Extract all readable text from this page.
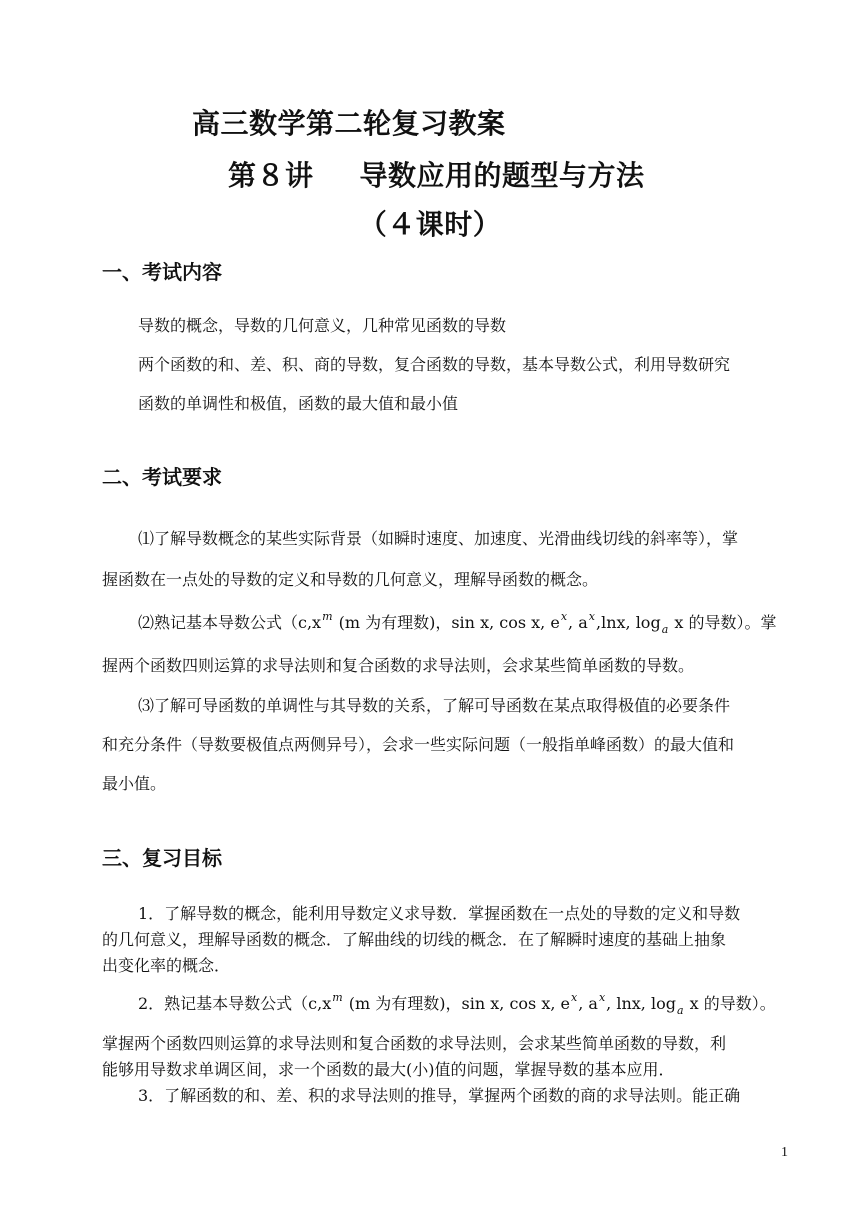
高三数学第二轮复习教案
第８讲 导数应用的题型与方法
（４课时）
一、考试内容
导数的概念，导数的几何意义，几种常见函数的导数
两个函数的和、差、积、商的导数，复合函数的导数，基本导数公式，利用导数研究
函数的单调性和极值，函数的最大值和最小值
二、考试要求
⑴了解导数概念的某些实际背景（如瞬时速度、加速度、光滑曲线切线的斜率等），掌
握函数在一点处的导数的定义和导数的几何意义，理解导函数的概念。
⑵熟记基本导数公式（$c,x^m$ (m 为有理数)，sin x, cos x, $e^x$, $a^x,\ln x$, $\log_a x$ 的导数）。掌
握两个函数四则运算的求导法则和复合函数的求导法则，会求某些简单函数的导数。
⑶了解可导函数的单调性与其导数的关系，了解可导函数在某点取得极值的必要条件
和充分条件（导数要极值点两侧异号），会求一些实际问题（一般指单峰函数）的最大值和
最小值。
三、复习目标
1．了解导数的概念，能利用导数定义求导数．掌握函数在一点处的导数的定义和导数
的几何意义，理解导函数的概念．了解曲线的切线的概念．在了解瞬时速度的基础上抽象
出变化率的概念．
2．熟记基本导数公式（$c,x^m$ (m 为有理数)，sin x, cos x, $e^x$, $a^x$, lnx, $\log_a x$ 的导数）。
掌握两个函数四则运算的求导法则和复合函数的求导法则，会求某些简单函数的导数，利
能够用导数求单调区间，求一个函数的最大(小)值的问题，掌握导数的基本应用．
3．了解函数的和、差、积的求导法则的推导，掌握两个函数的商的求导法则。能正确
1
